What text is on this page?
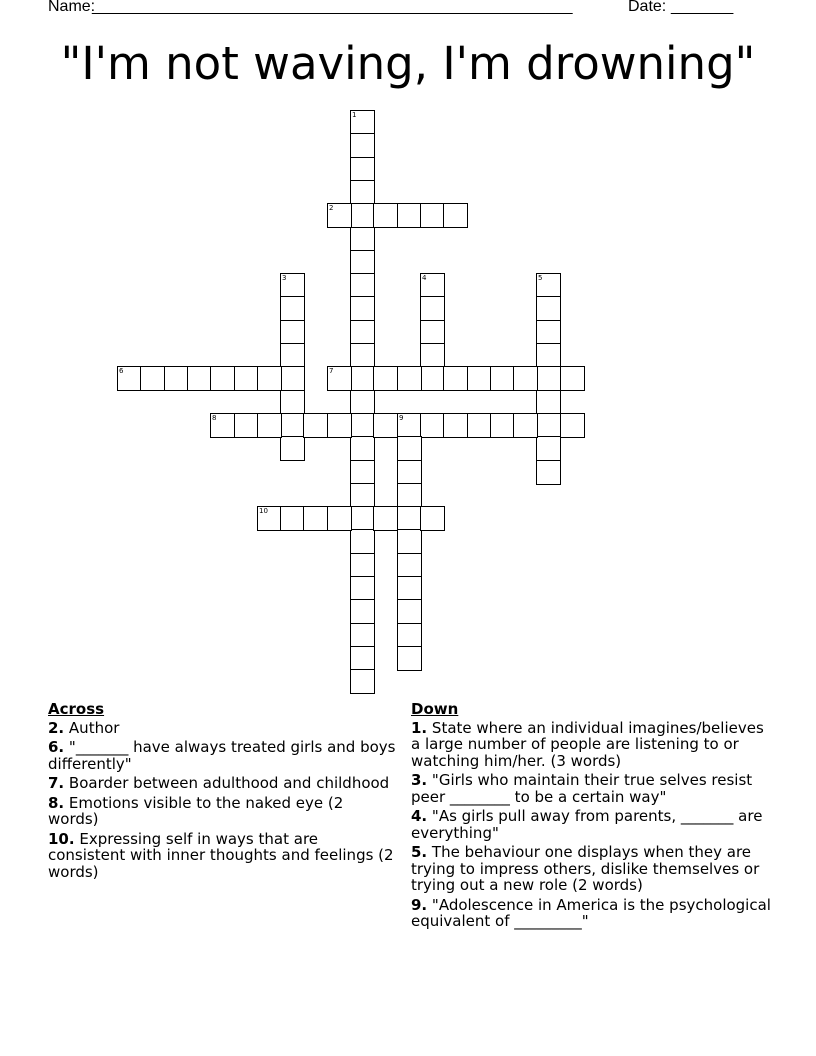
Name:
______________________________________________________	Date: _______
"I'm not waving, I'm drowning"
1
2
3	4	5
6	7
8	9
10
Across
2. Author
6. "_______ have always treated girls and boys differently"
7. Boarder between adulthood and childhood
8. Emotions visible to the naked eye (2 words)
10. Expressing self in ways that are consistent with inner thoughts and feelings (2 words)
Down
1. State where an individual imagines/believes a large number of people are listening to or watching him/her. (3 words)
3. "Girls who maintain their true selves resist peer ________ to be a certain way"
4. "As girls pull away from parents, _______ are everything"
5. The behaviour one displays when they are trying to impress others, dislike themselves or trying out a new role (2 words)
9. "Adolescence in America is the psychological equivalent of _________"
